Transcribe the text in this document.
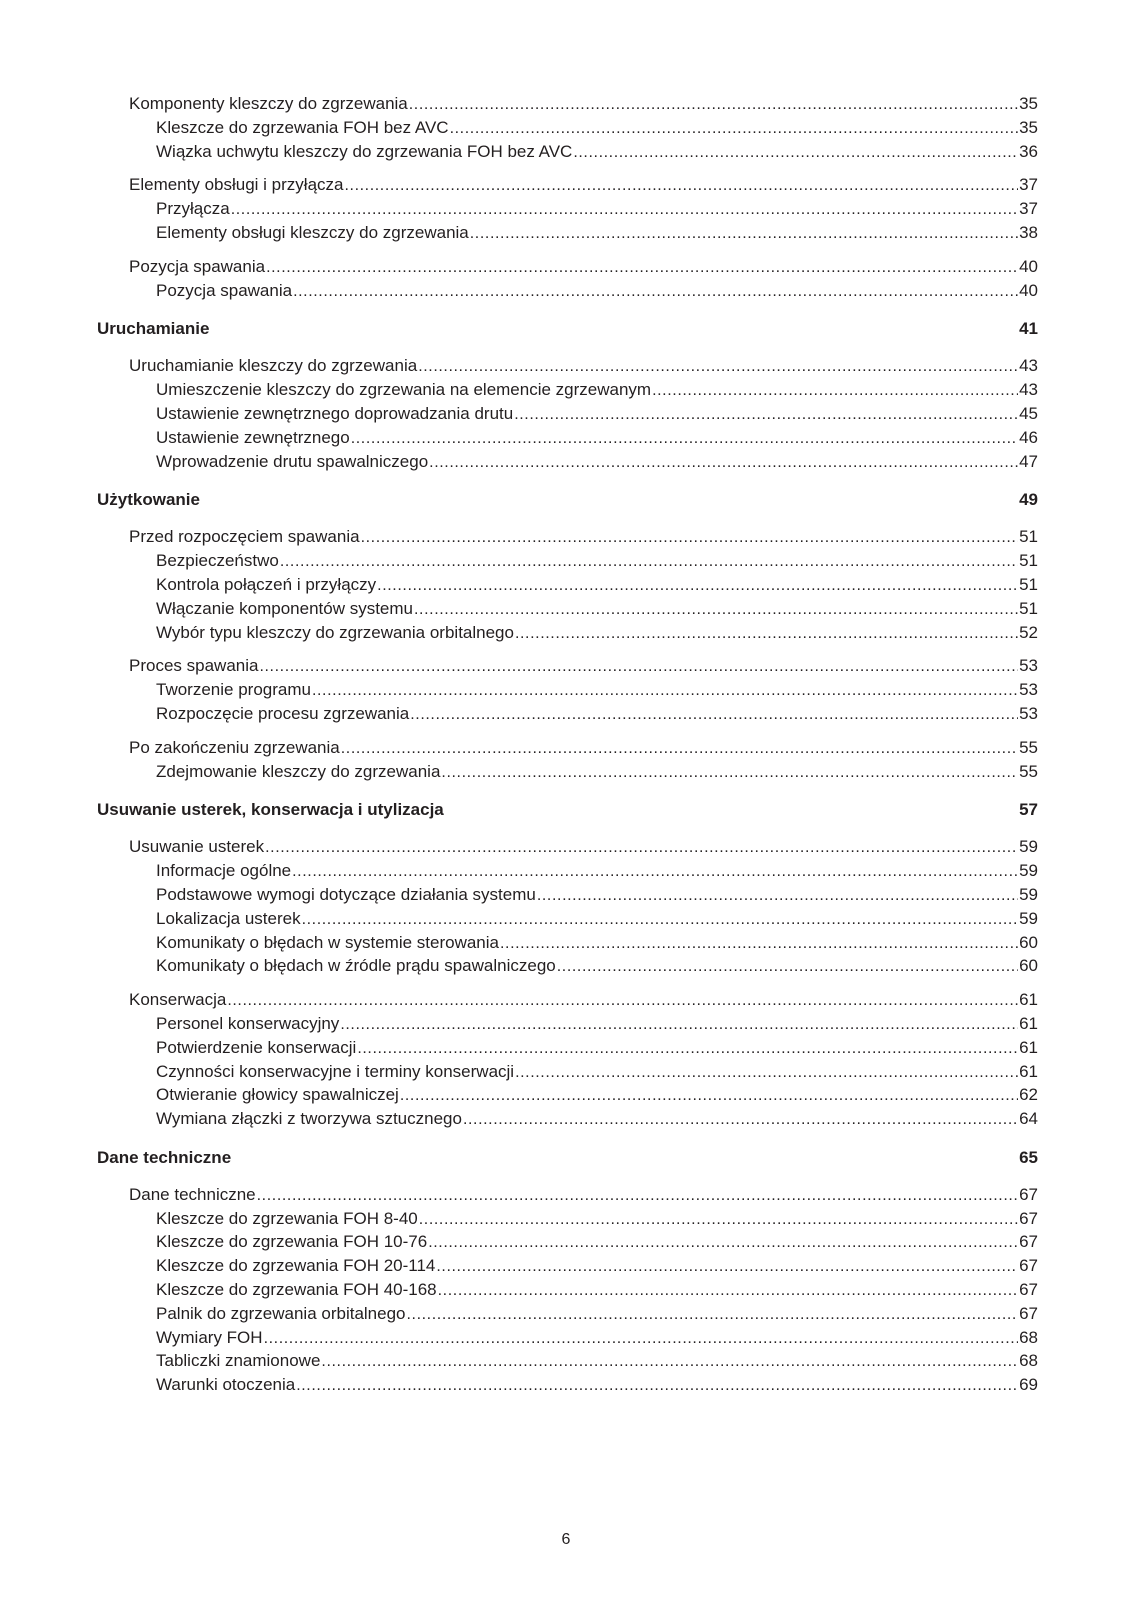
Komponenty kleszczy do zgrzewania .....	35
Kleszcze do zgrzewania FOH bez AVC .....	35
Wiązka uchwytu kleszczy do zgrzewania FOH bez AVC .....	36
Elementy obsługi i przyłącza .....	37
Przyłącza .....	37
Elementy obsługi kleszczy do zgrzewania .....	38
Pozycja spawania .....	40
Pozycja spawania .....	40
Uruchamianie	41
Uruchamianie kleszczy do zgrzewania .....	43
Umieszczenie kleszczy do zgrzewania na elemencie zgrzewanym .....	43
Ustawienie zewnętrznego doprowadzania drutu .....	45
Ustawienie zewnętrznego .....	46
Wprowadzenie drutu spawalniczego .....	47
Użytkowanie	49
Przed rozpoczęciem spawania .....	51
Bezpieczeństwo .....	51
Kontrola połączeń i przyłączy .....	51
Włączanie komponentów systemu .....	51
Wybór typu kleszczy do zgrzewania orbitalnego .....	52
Proces spawania .....	53
Tworzenie programu .....	53
Rozpoczęcie procesu zgrzewania .....	53
Po zakończeniu zgrzewania .....	55
Zdejmowanie kleszczy do zgrzewania .....	55
Usuwanie usterek, konserwacja i utylizacja	57
Usuwanie usterek .....	59
Informacje ogólne .....	59
Podstawowe wymogi dotyczące działania systemu .....	59
Lokalizacja usterek .....	59
Komunikaty o błędach w systemie sterowania .....	60
Komunikaty o błędach w źródle prądu spawalniczego .....	60
Konserwacja .....	61
Personel konserwacyjny .....	61
Potwierdzenie konserwacji .....	61
Czynności konserwacyjne i terminy konserwacji .....	61
Otwieranie głowicy spawalniczej .....	62
Wymiana złączki z tworzywa sztucznego .....	64
Dane techniczne	65
Dane techniczne .....	67
Kleszcze do zgrzewania FOH 8-40 .....	67
Kleszcze do zgrzewania FOH 10-76 .....	67
Kleszcze do zgrzewania FOH 20-114 .....	67
Kleszcze do zgrzewania FOH 40-168 .....	67
Palnik do zgrzewania orbitalnego .....	67
Wymiary FOH .....	68
Tabliczki znamionowe .....	68
Warunki otoczenia .....	69
6
